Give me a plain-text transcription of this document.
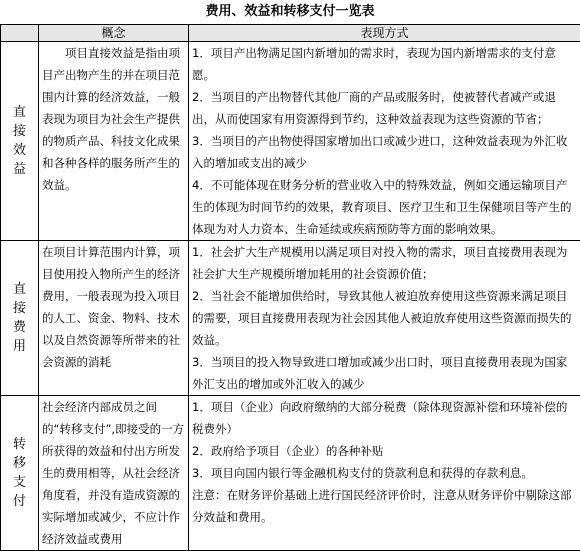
费用、效益和转移支付一览表
	概念	表现方式
直接效益	项目直接效益是指由项目产出物产生的并在项目范围内计算的经济效益，一般表现为项目为社会生产提供的物质产品、科技文化成果和各种各样的服务所产生的效益。	1．项目产出物满足国内新增加的需求时，表现为国内新增需求的支付意愿。
2．当项目的产出物替代其他厂商的产品或服务时，使被替代者减产或退出，从而使国家有用资源得到节约，这种效益表现为这些资源的节省；
3．当项目的产出物使得国家增加出口或减少进口，这种效益表现为外汇收入的增加或支出的减少
4．不可能体现在财务分析的营业收入中的特殊效益，例如交通运输项目产生的体现为时间节约的效果，教育项目、医疗卫生和卫生保健项目等产生的体现为对人力资本、生命延续或疾病预防等方面的影响效果。

直接费用	在项目计算范围内计算，项目使用投入物所产生的经济费用，一般表现为投入项目的人工、资金、物料、技术以及自然资源等所带来的社会资源的消耗	1．社会扩大生产规模用以满足项目对投入物的需求，项目直接费用表现为社会扩大生产规模所增加耗用的社会资源价值；
2．当社会不能增加供给时，导致其他人被迫放弃使用这些资源来满足项目的需要，项目直接费用表现为社会因其他人被迫放弃使用这些资源而损失的效益。
3．当项目的投入物导致进口增加或减少出口时，项目直接费用表现为国家外汇支出的增加或外汇收入的减少

转移支付	社会经济内部成员之间的“转移支付”,即接受的一方所获得的效益和付出方所发生的费用相等，从社会经济角度看，并没有造成资源的实际增加或减少，不应计作经济效益或费用	1．项目（企业）向政府缴纳的大部分税费（除体现资源补偿和环境补偿的税费外）
2．政府给予项目（企业）的各种补贴
3．项目向国内银行等金融机构支付的贷款利息和获得的存款利息。
注意：在财务评价基础上进行国民经济评价时，注意从财务评价中剔除这部分效益和费用。
